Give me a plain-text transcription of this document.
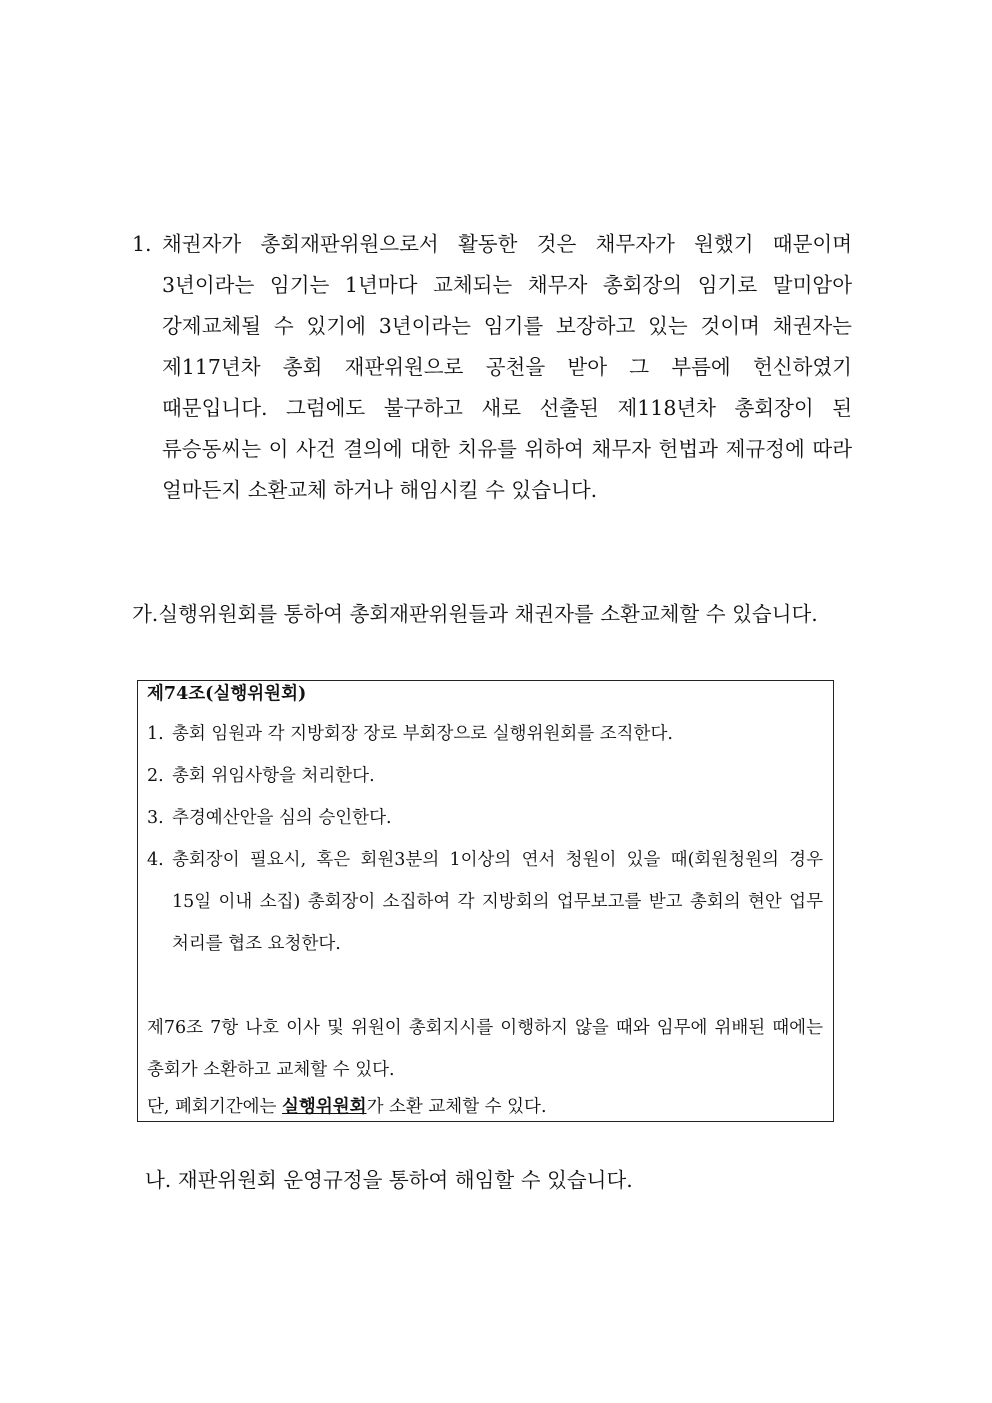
1. 채권자가 총회재판위원으로서 활동한 것은 채무자가 원했기 때문이며 3년이라는 임기는 1년마다 교체되는 채무자 총회장의 임기로 말미암아 강제교체될 수 있기에 3년이라는 임기를 보장하고 있는 것이며 채권자는 제117년차 총회 재판위원으로 공천을 받아 그 부름에 헌신하였기 때문입니다. 그럼에도 불구하고 새로 선출된 제118년차 총회장이 된 류승동씨는 이 사건 결의에 대한 치유를 위하여 채무자 헌법과 제규정에 따라 얼마든지 소환교체 하거나 해임시킬 수 있습니다.
가.실행위원회를 통하여 총회재판위원들과 채권자를 소환교체할 수 있습니다.
제74조(실행위원회)
1. 총회 임원과 각 지방회장 장로 부회장으로 실행위원회를 조직한다.
2. 총회 위임사항을 처리한다.
3. 추경예산안을 심의 승인한다.
4. 총회장이 필요시, 혹은 회원3분의 1이상의 연서 청원이 있을 때(회원청원의 경우 15일 이내 소집) 총회장이 소집하여 각 지방회의 업무보고를 받고 총회의 현안 업무 처리를 협조 요청한다.
제76조 7항 나호 이사 및 위원이 총회지시를 이행하지 않을 때와 임무에 위배된 때에는 총회가 소환하고 교체할 수 있다.
단, 폐회기간에는 실행위원회가 소환 교체할 수 있다.
나. 재판위원회 운영규정을 통하여 해임할 수 있습니다.
